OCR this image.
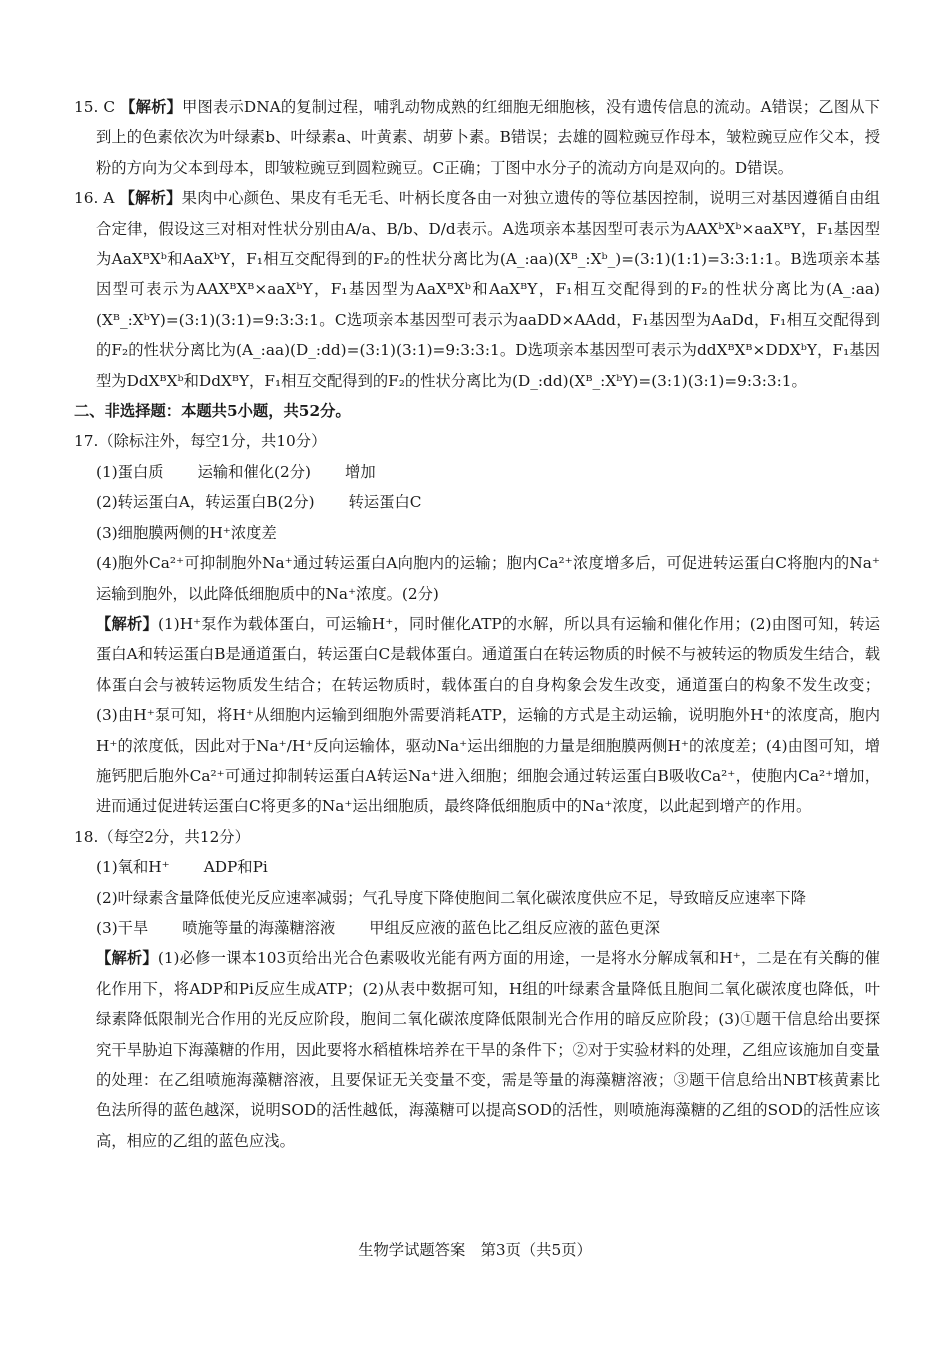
15. C 【解析】甲图表示DNA的复制过程，哺乳动物成熟的红细胞无细胞核，没有遗传信息的流动。A错误；乙图从下到上的色素依次为叶绿素b、叶绿素a、叶黄素、胡萝卜素。B错误；去雄的圆粒豌豆作母本，皱粒豌豆应作父本，授粉的方向为父本到母本，即皱粒豌豆到圆粒豌豆。C正确；丁图中水分子的流动方向是双向的。D错误。

16. A 【解析】果肉中心颜色、果皮有毛无毛、叶柄长度各由一对独立遗传的等位基因控制，说明三对基因遵循自由组合定律，假设这三对相对性状分别由A/a、B/b、D/d表示。A选项亲本基因型可表示为AAXᵇXᵇ×aaXᴮY，F₁基因型为AaXᴮXᵇ和AaXᵇY，F₁相互交配得到的F₂的性状分离比为(A_:aa)(Xᴮ_:Xᵇ_)=(3:1)(1:1)=3:3:1:1。B选项亲本基因型可表示为AAXᴮXᴮ×aaXᵇY，F₁基因型为AaXᴮXᵇ和AaXᴮY，F₁相互交配得到的F₂的性状分离比为(A_:aa)(Xᴮ_:XᵇY)=(3:1)(3:1)=9:3:3:1。C选项亲本基因型可表示为aaDD×AAdd，F₁基因型为AaDd，F₁相互交配得到的F₂的性状分离比为(A_:aa)(D_:dd)=(3:1)(3:1)=9:3:3:1。D选项亲本基因型可表示为ddXᴮXᴮ×DDXᵇY，F₁基因型为DdXᴮXᵇ和DdXᴮY，F₁相互交配得到的F₂的性状分离比为(D_:dd)(Xᴮ_:XᵇY)=(3:1)(3:1)=9:3:3:1。

二、非选择题：本题共5小题，共52分。

17.（除标注外，每空1分，共10分）

(1)蛋白质 运输和催化(2分) 增加

(2)转运蛋白A，转运蛋白B(2分) 转运蛋白C

(3)细胞膜两侧的H⁺浓度差

(4)胞外Ca²⁺可抑制胞外Na⁺通过转运蛋白A向胞内的运输；胞内Ca²⁺浓度增多后，可促进转运蛋白C将胞内的Na⁺运输到胞外，以此降低细胞质中的Na⁺浓度。(2分)

【解析】(1)H⁺泵作为载体蛋白，可运输H⁺，同时催化ATP的水解，所以具有运输和催化作用；(2)由图可知，转运蛋白A和转运蛋白B是通道蛋白，转运蛋白C是载体蛋白。通道蛋白在转运物质的时候不与被转运的物质发生结合，载体蛋白会与被转运物质发生结合；在转运物质时，载体蛋白的自身构象会发生改变，通道蛋白的构象不发生改变；(3)由H⁺泵可知，将H⁺从细胞内运输到细胞外需要消耗ATP，运输的方式是主动运输，说明胞外H⁺的浓度高，胞内H⁺的浓度低，因此对于Na⁺/H⁺反向运输体，驱动Na⁺运出细胞的力量是细胞膜两侧H⁺的浓度差；(4)由图可知，增施钙肥后胞外Ca²⁺可通过抑制转运蛋白A转运Na⁺进入细胞；细胞会通过转运蛋白B吸收Ca²⁺，使胞内Ca²⁺增加，进而通过促进转运蛋白C将更多的Na⁺运出细胞质，最终降低细胞质中的Na⁺浓度，以此起到增产的作用。

18.（每空2分，共12分）

(1)氧和H⁺ ADP和Pi

(2)叶绿素含量降低使光反应速率减弱；气孔导度下降使胞间二氧化碳浓度供应不足，导致暗反应速率下降

(3)干旱 喷施等量的海藻糖溶液 甲组反应液的蓝色比乙组反应液的蓝色更深

【解析】(1)必修一课本103页给出光合色素吸收光能有两方面的用途，一是将水分解成氧和H⁺，二是在有关酶的催化作用下，将ADP和Pi反应生成ATP；(2)从表中数据可知，H组的叶绿素含量降低且胞间二氧化碳浓度也降低，叶绿素降低限制光合作用的光反应阶段，胞间二氧化碳浓度降低限制光合作用的暗反应阶段；(3)①题干信息给出要探究干旱胁迫下海藻糖的作用，因此要将水稻植株培养在干旱的条件下；②对于实验材料的处理，乙组应该施加自变量的处理：在乙组喷施海藻糖溶液，且要保证无关变量不变，需是等量的海藻糖溶液；③题干信息给出NBT核黄素比色法所得的蓝色越深，说明SOD的活性越低，海藻糖可以提高SOD的活性，则喷施海藻糖的乙组的SOD的活性应该高，相应的乙组的蓝色应浅。

生物学试题答案　第3页（共5页）
